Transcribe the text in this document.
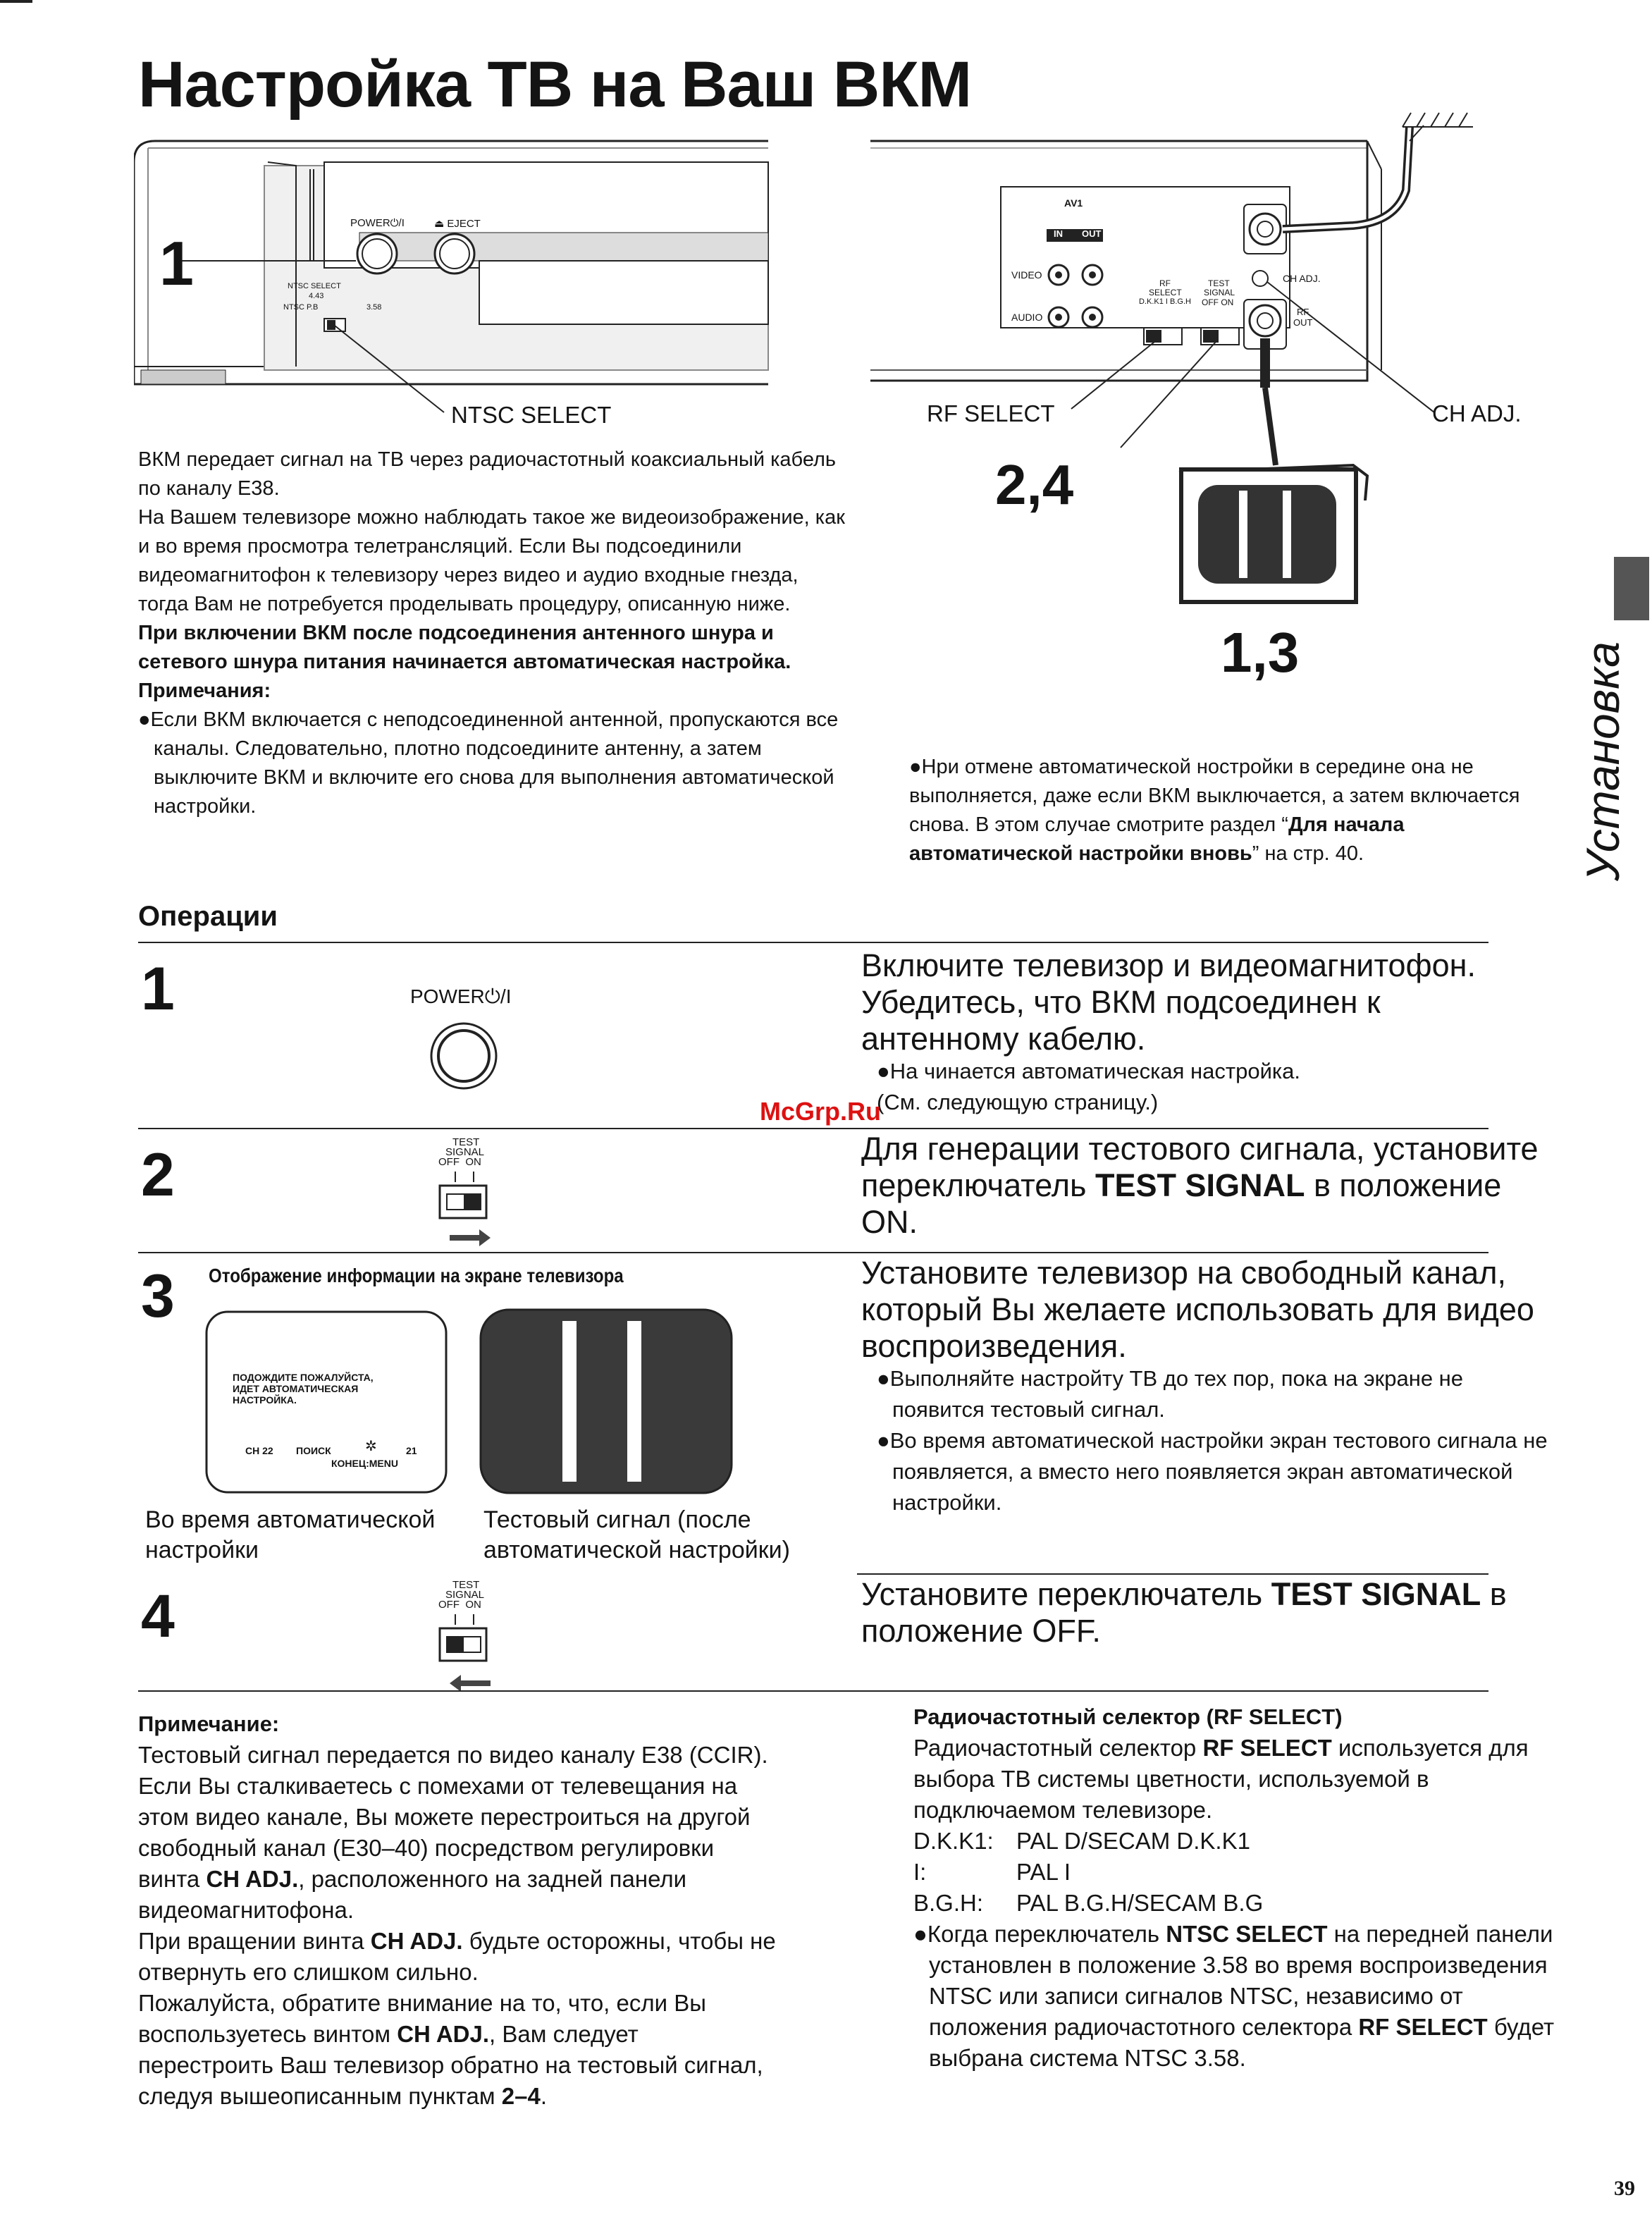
Настройка ТВ на Ваш ВКМ
1
POWER⏻/I	⏏ EJECT
NTSC SELECT
4.43
NTSC P.B	3.58
NTSC SELECT
AV1
IN OUT
VIDEO
AUDIO
RF
SELECT
D.K.K1 I B.G.H
TEST
SIGNAL
OFF ON
CH ADJ.
RF
OUT
RF SELECT	CH ADJ.
2,4
1,3	Установка

ВКМ передает сигнал на ТВ через радиочастотный коаксиальный кабель по каналу Е38.

На Вашем телевизоре можно наблюдать такое же видеоизображение, как и во время просмотра телетрансляций. Если Вы подсоединили видеомагнитофон к телевизору через видео и аудио входные гнезда, тогда Вам не потребуется проделывать процедуру, описанную ниже.

При включении ВКМ после подсоединения антенного шнура и сетевого шнура питания начинается автоматическая настройка.

Примечания:

●Если ВКМ включается с неподсоединенной антенной, пропускаются все каналы. Следовательно, плотно подсоедините антенну, а затем выключите ВКМ и включите его снова для выполнения автоматической настройки.

●Нри отмене автоматической нoстройки в середине она не выполняется, даже если ВКМ выключается, а затем включается снова. В этом случае смотрите раздел “Для начала автоматической настройки вновь” на стр. 40.
Операции
1	POWER⏻/I
Включите телевизор и видеомагнитофон. Убедитесь, что ВКМ подсоединен к антенному кабелю.
●На чинается автоматическая настройка.
(См. следующую страницу.)
McGrp.Ru
2	TEST
SIGNAL
OFF  ON	Для генерации тестового сигнала, установите переключатель TEST SIGNAL в положение ON.
3 Отображение информации на экране телевизора
ПОДОЖДИТЕ ПОЖАЛУЙСТА,
ИДЕТ АВТОМАТИЧЕСКАЯ
НАСТРОЙКА.
CH 22 ПОИСК ✲	21
КОНЕЦ:MENU
Во время автоматической настройки
Тестовый сигнал (после автоматической настройки)
Установите телевизор на свободный канал, который Вы желаете использовать для видео воспроизведения.
●Выполняйте настройту ТВ до тех пор, пока на экране не появится тестовый сигнал.
●Во время автоматической настройки экран тестового сигнала не появляется, а вместо него появляется экран автоматической настройки.
4	TEST
SIGNAL
OFF  ON	Установите переключатель TEST SIGNAL в положение OFF.
Примечание:
Тестовый сигнал передается по видео каналу E38 (CCIR). Если Вы сталкиваетесь с помехами от телевещания на этом видео канале, Вы можете перестроиться на другой свободный канал (E30–40) посредством регулировки винта CH ADJ., расположенного на задней панели видеомагнитофона.
При вращении винта CH ADJ. будьте осторожны, чтобы не отвернуть его слишком сильно.
Пожалуйста, обратите внимание на то, что, если Вы воспользуетесь винтом CH ADJ., Вам следует перестроить Ваш телевизор обратно на тестовый сигнал, следуя вышеописанным пунктам 2–4.
Радиочастотный селектор (RF SELECT)
Радиочастотный селектор RF SELECT используется для выбора ТВ системы цветности, используемой в подключаемом телевизоре.
D.K.K1: PAL D/SECAM D.K.K1
I:	PAL I
B.G.H: PAL B.G.H/SECAM B.G
●Когда переключатель NTSC SELECT на передней панели установлен в положение 3.58 во время воспроизведения NTSC или записи сигналов NTSC, независимо от положения радиочастотного селектора RF SELECT будет выбрана система NTSC 3.58.
39
